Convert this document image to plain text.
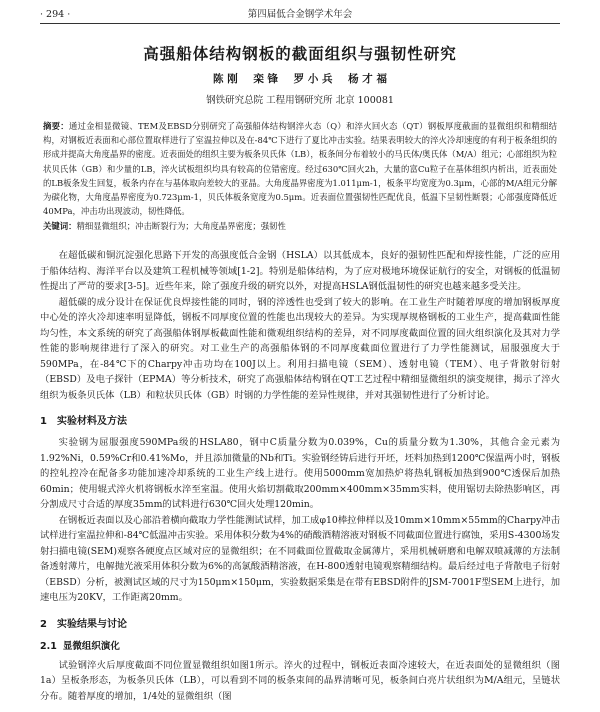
· 294 ·	第四届低合金钢学术年会
高强船体结构钢板的截面组织与强韧性研究
陈 刚 栾 锋 罗 小 兵 杨 才 福
钢铁研究总院 工程用钢研究所 北京 100081
摘要：通过金相显微镜、TEM及EBSD分别研究了高强船体结构钢淬火态（Q）和淬火回火态（QT）钢板厚度截面的显微组织和精细结构，对钢板近表面和心部位置取样进行了室温拉伸以及在-84℃下进行了夏比冲击实验。结果表明较大的淬火冷却速度的有利于板条组织的形成并提高大角度晶界的密度。近表面处的组织主要为板条贝氏体（LB），板条间分布着较小的马氏体/奥氏体（M/A）组元；心部组织为粒状贝氏体（GB）和少量的LB，淬火试板组织均具有较高的位错密度。经过630℃回火2h，大量的富Cu粒子在基体组织内析出，近表面处的LB板条发生回复，板条内存在与基体取向差较大的亚晶。大角度晶界密度为1.011μm-1，板条平均宽度为0.3μm，心部的M/A组元分解为碳化物，大角度晶界密度为0.723μm-1，贝氏体板条宽度为0.5μm。近表面位置强韧性匹配优良，低温下呈韧性断裂；心部强度降低近40MPa，冲击功出现波动，韧性降低。
关键词：精细显微组织；冲击断裂行为；大角度晶界密度；强韧性

在超低碳和铜沉淀强化思路下开发的高强度低合金钢（HSLA）以其低成本，良好的强韧性匹配和焊接性能，广泛的应用于船体结构、海洋平台以及建筑工程机械等领域[1-2]。特别是船体结构，为了应对极地环境保证航行的安全，对钢板的低温韧性提出了严苛的要求[3-5]。近些年来，除了强度升级的研究以外，对提高HSLA钢低温韧性的研究也越来越多受关注。

超低碳的成分设计在保证优良焊接性能的同时，钢的淬透性也受到了较大的影响。在工业生产时随着厚度的增加钢板厚度中心处的淬火冷却速率明显降低，钢板不同厚度位置的性能也出现较大的差异。为实现厚规格钢板的工业生产，提高截面性能均匀性，本文系统的研究了高强船体钢厚板截面性能和微观组织结构的差异，对不同厚度截面位置的回火组织演化及其对力学性能的影响规律进行了深入的研究。对工业生产的高强船体钢的不同厚度截面位置进行了力学性能测试，屈服强度大于590MPa，在-84℃下的Charpy冲击功均在100J以上。利用扫描电镜（SEM）、透射电镜（TEM）、电子背散射衍射（EBSD）及电子探针（EPMA）等分析技术，研究了高强船体结构钢在QT工艺过程中精细显微组织的演变规律，揭示了淬火组织为板条贝氏体（LB）和粒状贝氏体（GB）时钢的力学性能的差异性规律，并对其强韧性进行了分析讨论。

1 实验材料及方法

实验钢为屈服强度590MPa级的HSLA80，钢中C质量分数为0.039%，Cu的质量分数为1.30%，其他合金元素为1.92%Ni，0.59%Cr和0.41%Mo，并且添加微量的Nb和Ti。实验钢经铸后进行开坯，坯料加热到1200℃保温两小时，钢板的控轧控冷在配备多功能加速冷却系统的工业生产线上进行。使用5000mm宽加热炉将热轧钢板加热到900℃透保后加热60min；使用辊式淬火机将钢板水淬至室温。使用火焰切割截取200mm×400mm×35mm实料，使用锯切去除热影响区，再分割成尺寸合适的厚度35mm的试料进行630℃回火处理120min。

在钢板近表面以及心部沿着横向截取力学性能测试试样，加工成φ10棒拉伸样以及10mm×10mm×55mm的Charpy冲击试样进行室温拉伸和-84℃低温冲击实验。采用体积分数为4%的硝酸酒精溶液对钢板不同截面位置进行腐蚀，采用S-4300场发射扫描电镜(SEM)观察各硬度点区域对应的显微组织；在不同截面位置截取金属薄片，采用机械研磨和电解双喷减薄的方法制备透射薄片，电解抛光液采用体积分数为6%的高氯酸酒精溶液，在H-800透射电镜观察精细结构。最后经过电子背散电子衍射（EBSD）分析，被测试区域的尺寸为150μm×150μm，实验数据采集是在带有EBSD附件的JSM-7001F型SEM上进行，加速电压为20KV，工作距离20mm。

2 实验结果与讨论
2.1 显微组织演化

试验钢淬火后厚度截面不同位置显微组织如图1所示。淬火的过程中，钢板近表面冷速较大，在近表面处的显微组织（图1a）呈板条形态，为板条贝氏体（LB），可以看到不同的板条束间的晶界清晰可见，板条间白亮片状组织为M/A组元，呈链状分布。随着厚度的增加，1/4处的显微组织（图
